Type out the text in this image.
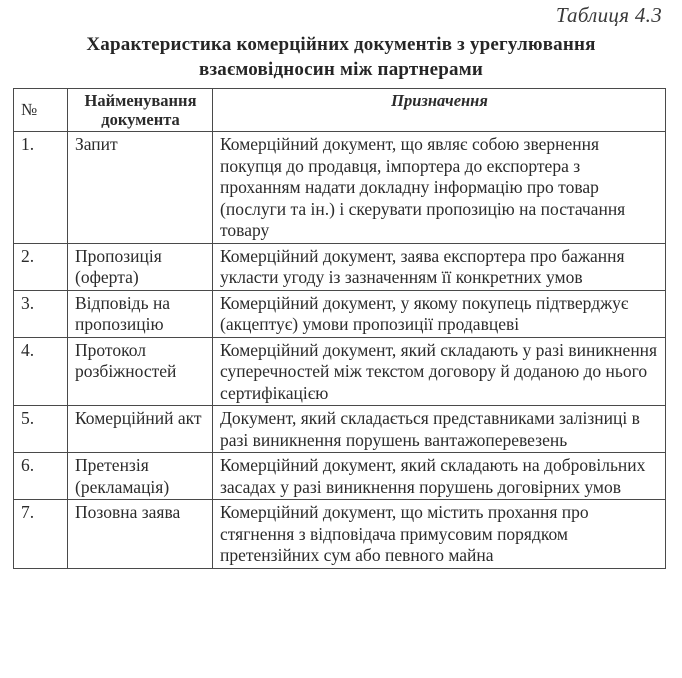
Таблиця 4.3
Характеристика комерційних документів з урегулювання
взаємовідносин між партнерами
№	Найменування документа	Призначення
1.	Запит	Комерційний документ, що являє собою звернення покупця до продавця, імпортера до експортера з проханням надати докладну інформацію про товар (послуги та ін.) і скерувати пропозицію на постачання товару
2.	Пропозиція (оферта)	Комерційний документ, заява експортера про бажання укласти угоду із зазначенням її конкретних умов
3.	Відповідь на пропозицію	Комерційний документ, у якому покупець підтверджує (акцептує) умови пропозиції продавцеві
4.	Протокол розбіжностей	Комерційний документ, який складають у разі виникнення суперечностей між текстом договору й доданою до нього сертифікацією
5.	Комерційний акт	Документ, який складається представниками залізниці в разі виникнення порушень вантажоперевезень
6.	Претензія (рекламація)	Комерційний документ, який складають на добровільних засадах у разі виникнення порушень договірних умов
7.	Позовна заява	Комерційний документ, що містить прохання про стягнення з відповідача примусовим порядком претензійних сум або певного майна
